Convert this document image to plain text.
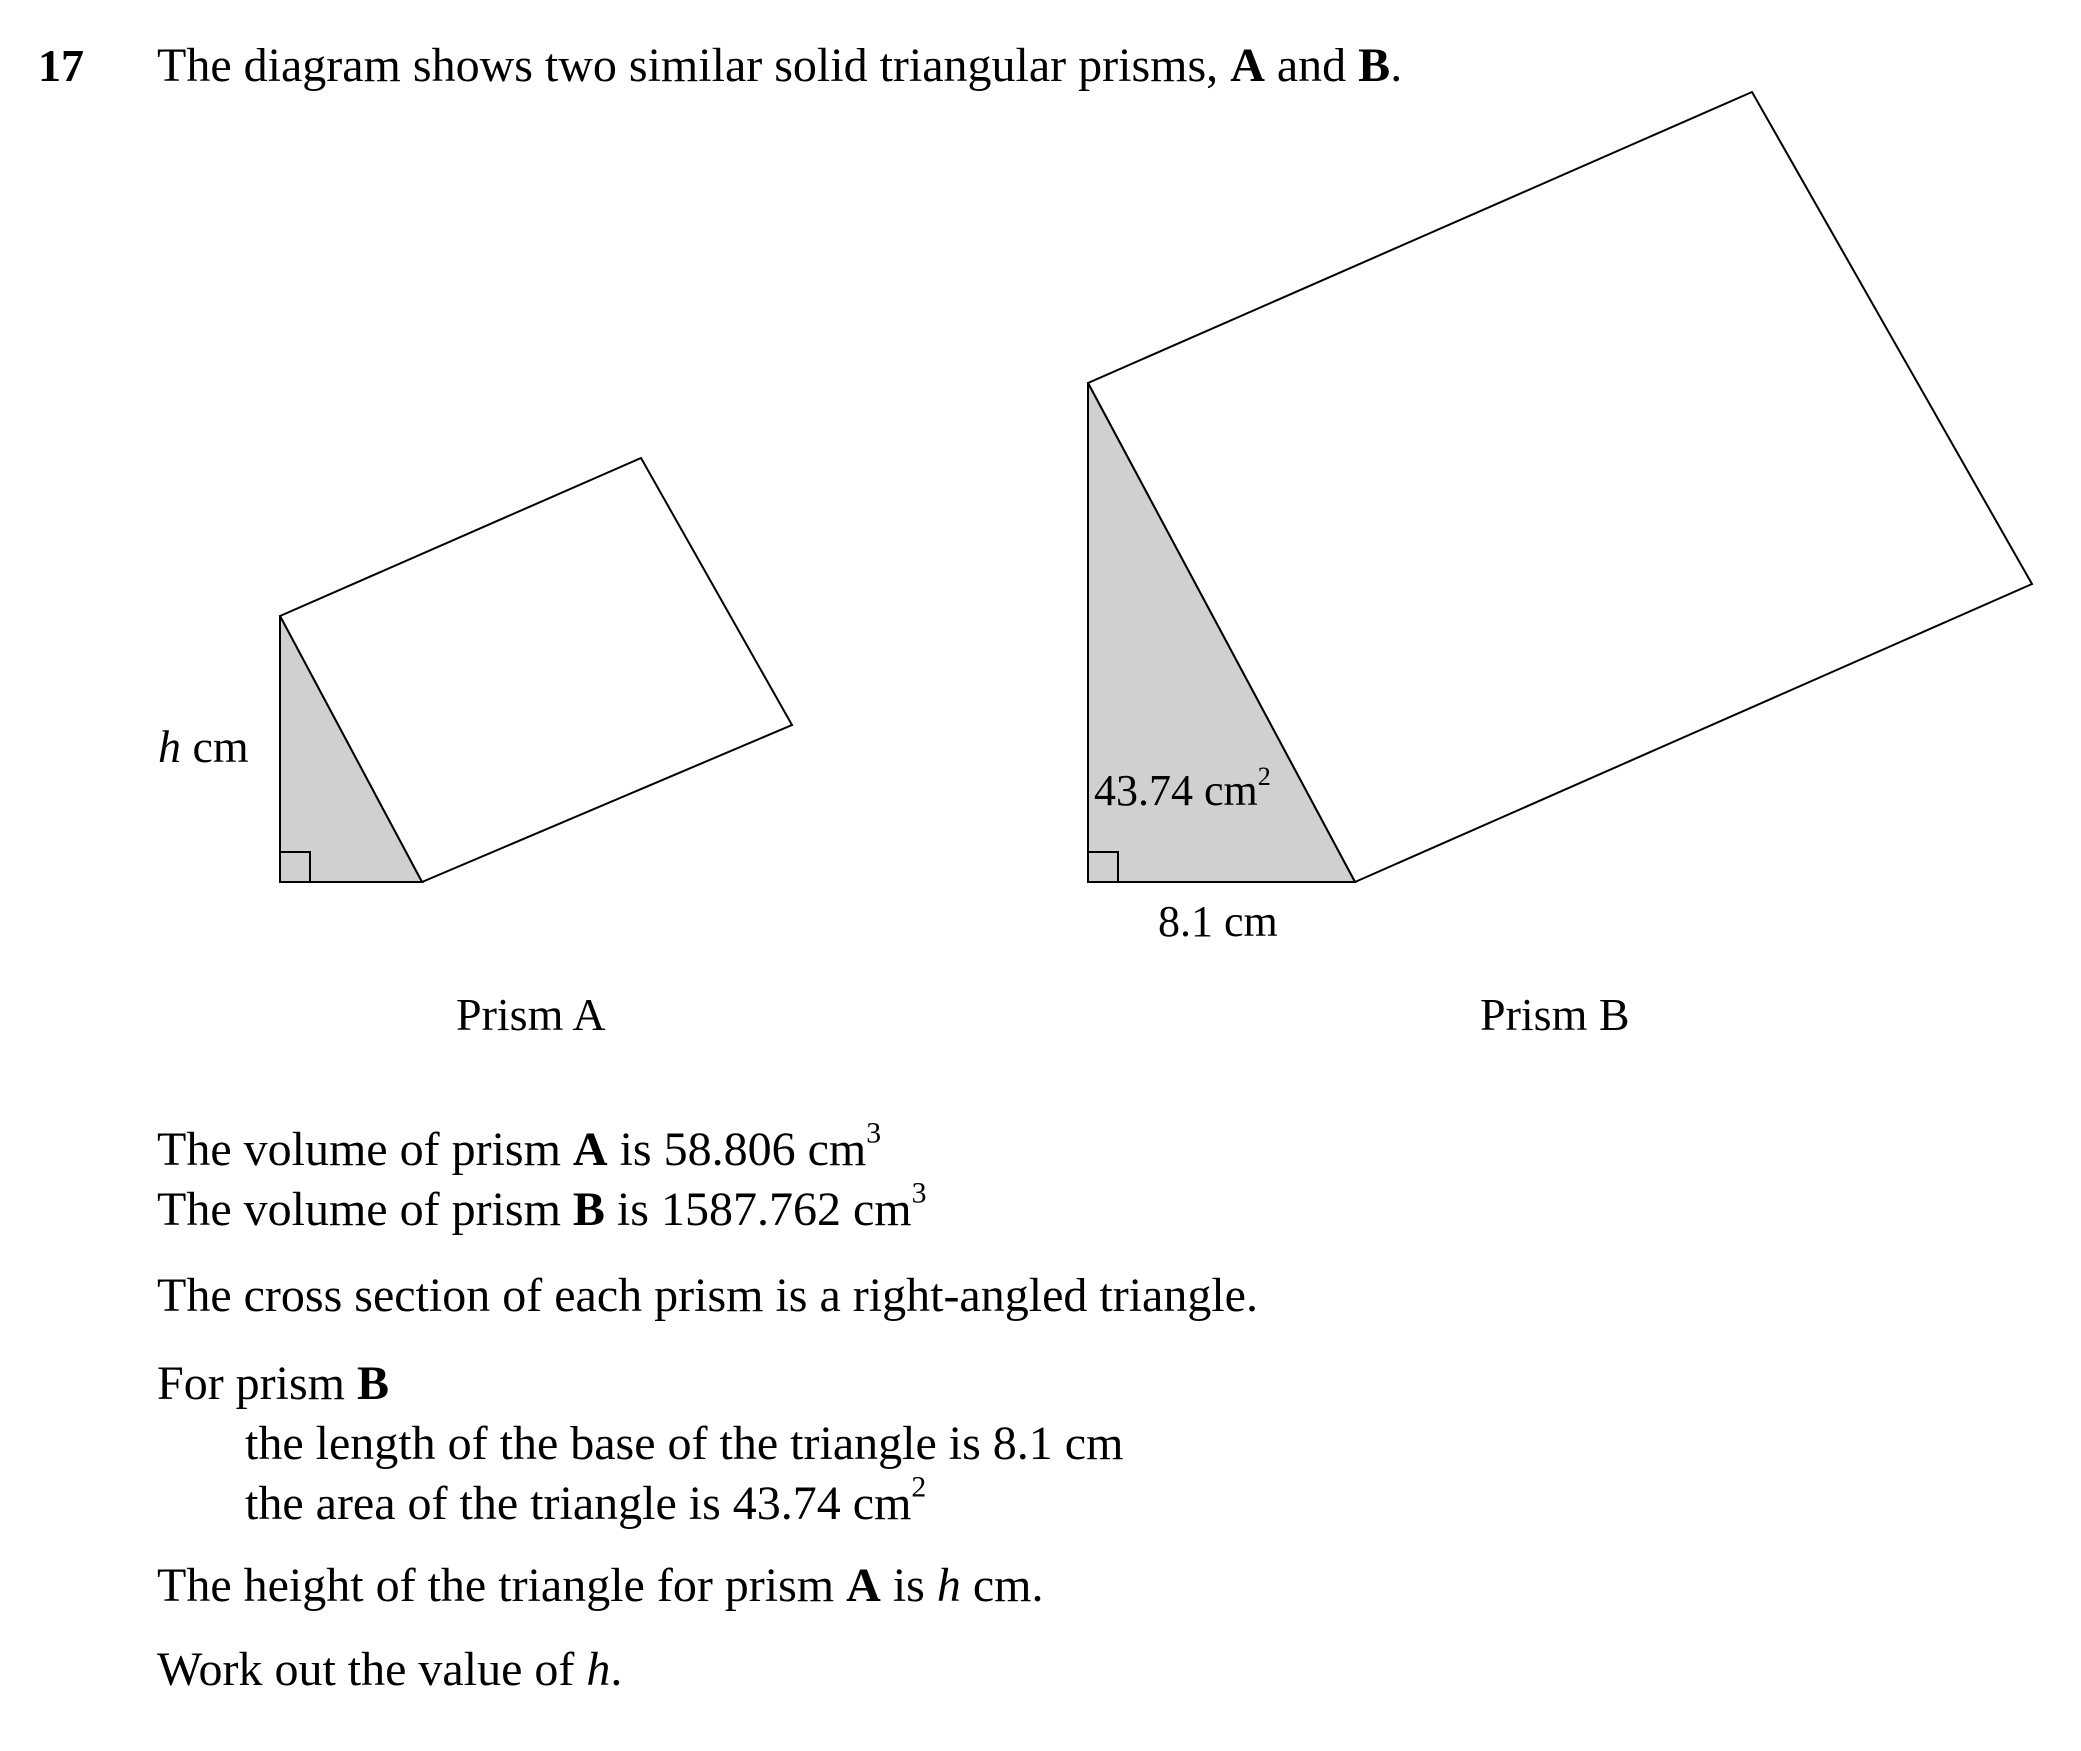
17 The diagram shows two similar solid triangular prisms, A and B.
h cm
Prism A
43.74 $cm^2$
8.1 cm
Prism B
The volume of prism A is 58.806 $cm^3$
The volume of prism B is 1587.762 $cm^3$
The cross section of each prism is a right-angled triangle.
For prism B
the length of the base of the triangle is 8.1 cm
the area of the triangle is 43.74 $cm^2$
The height of the triangle for prism A is h cm.
Work out the value of h.
